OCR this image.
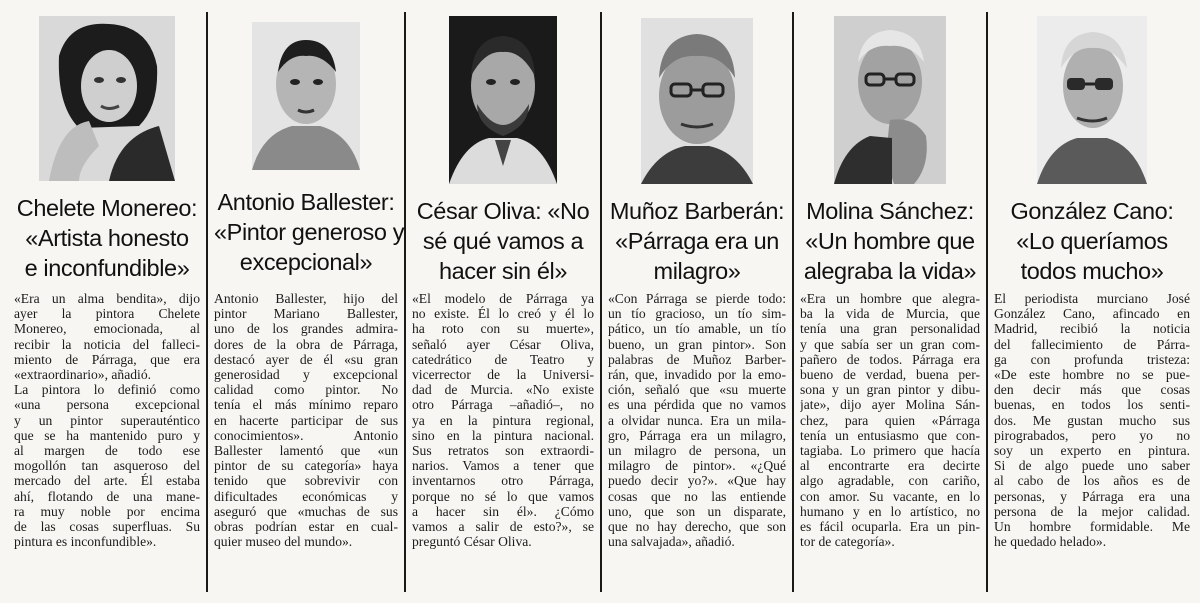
Chelete Monereo:
«Artista honesto
e inconfundible»
«Era un alma bendita», dijo
ayer la pintora Chelete
Monereo, emocionada, al
recibir la noticia del falleci-
miento de Párraga, que era
«extraordinario», añadió.
La pintora lo definió como
«una persona excepcional
y un pintor superauténtico
que se ha mantenido puro y
al margen de todo ese
mogollón tan asqueroso del
mercado del arte. Él estaba
ahí, flotando de una mane-
ra muy noble por encima
de las cosas superfluas. Su
pintura es inconfundible».
Antonio Ballester:
«Pintor generoso y
excepcional»
Antonio Ballester, hijo del
pintor Mariano Ballester,
uno de los grandes admira-
dores de la obra de Párraga,
destacó ayer de él «su gran
generosidad y excepcional
calidad como pintor. No
tenía el más mínimo reparo
en hacerte participar de sus
conocimientos». Antonio
Ballester lamentó que «un
pintor de su categoría» haya
tenido que sobrevivir con
dificultades económicas y
aseguró que «muchas de sus
obras podrían estar en cual-
quier museo del mundo».
César Oliva: «No
sé qué vamos a
hacer sin él»
«El modelo de Párraga ya
no existe. Él lo creó y él lo
ha roto con su muerte»,
señaló ayer César Oliva,
catedrático de Teatro y
vicerrector de la Universi-
dad de Murcia. «No existe
otro Párraga –añadió–, no
ya en la pintura regional,
sino en la pintura nacional.
Sus retratos son extraordi-
narios. Vamos a tener que
inventarnos otro Párraga,
porque no sé lo que vamos
a hacer sin él». ¿Cómo
vamos a salir de esto?», se
preguntó César Oliva.
Muñoz Barberán:
«Párraga era un
milagro»
«Con Párraga se pierde todo:
un tío gracioso, un tío sim-
pático, un tío amable, un tío
bueno, un gran pintor». Son
palabras de Muñoz Barber-
rán, que, invadido por la emo-
ción, señaló que «su muerte
es una pérdida que no vamos
a olvidar nunca. Era un mila-
gro, Párraga era un milagro,
un milagro de persona, un
milagro de pintor». «¿Qué
puedo decir yo?». «Que hay
cosas que no las entiende
uno, que son un disparate,
que no hay derecho, que son
una salvajada», añadió.
Molina Sánchez:
«Un hombre que
alegraba la vida»
«Era un hombre que alegra-
ba la vida de Murcia, que
tenía una gran personalidad
y que sabía ser un gran com-
pañero de todos. Párraga era
bueno de verdad, buena per-
sona y un gran pintor y dibu-
jate», dijo ayer Molina Sán-
chez, para quien «Párraga
tenía un entusiasmo que con-
tagiaba. Lo primero que hacía
al encontrarte era decirte
algo agradable, con cariño,
con amor. Su vacante, en lo
humano y en lo artístico, no
es fácil ocuparla. Era un pin-
tor de categoría».
González Cano:
«Lo queríamos
todos mucho»
El periodista murciano José
González Cano, afincado en
Madrid, recibió la noticia
del fallecimiento de Párra-
ga con profunda tristeza:
«De este hombre no se pue-
den decir más que cosas
buenas, en todos los senti-
dos. Me gustan mucho sus
pirograbados, pero yo no
soy un experto en pintura.
Si de algo puede uno saber
al cabo de los años es de
personas, y Párraga era una
persona de la mejor calidad.
Un hombre formidable. Me
he quedado helado».
